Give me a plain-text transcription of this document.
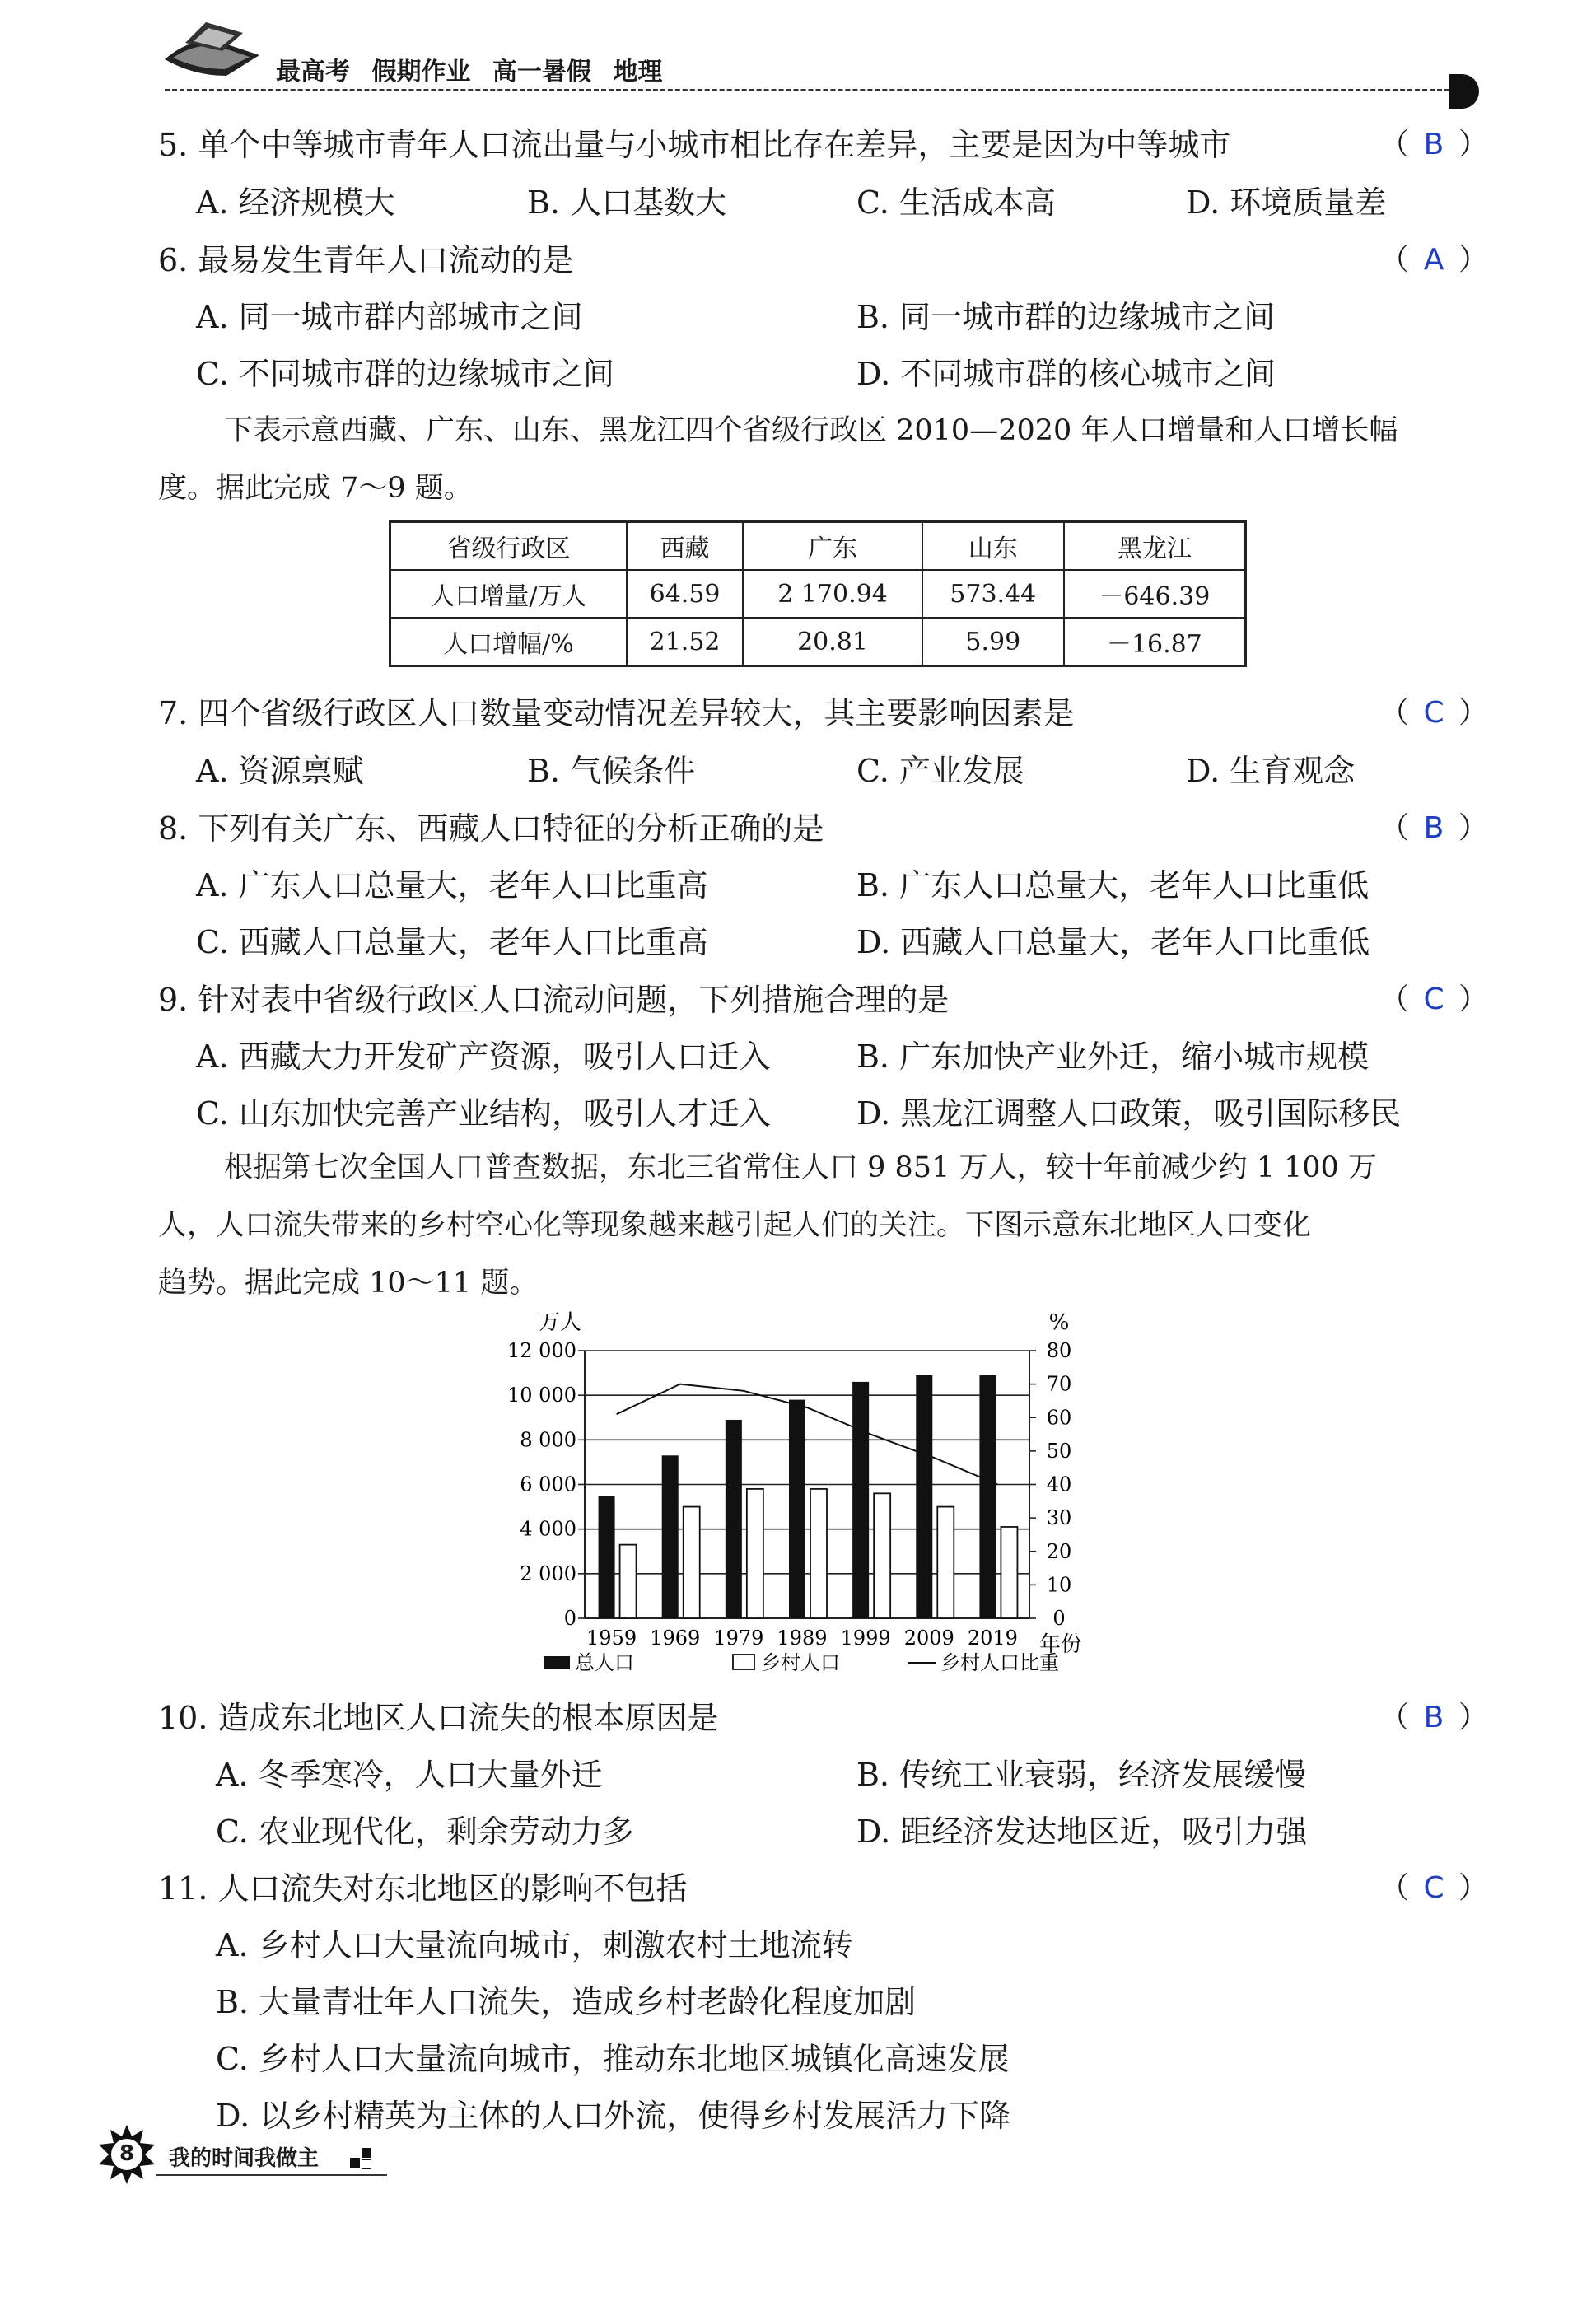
最高考 假期作业 高一暑假 地理
5. 单个中等城市青年人口流出量与小城市相比存在差异，主要是因为中等城市	（ B ）
A. 经济规模大	B. 人口基数大	C. 生活成本高	D. 环境质量差
6. 最易发生青年人口流动的是	（ A ）
A. 同一城市群内部城市之间	B. 同一城市群的边缘城市之间
C. 不同城市群的边缘城市之间	D. 不同城市群的核心城市之间
下表示意西藏、广东、山东、黑龙江四个省级行政区 2010—2020 年人口增量和人口增长幅
度。据此完成 7～9 题。
省级行政区	西藏	广东	山东	黑龙江
人口增量/万人	64.59	2 170.94	573.44	－646.39
人口增幅/%	21.52	20.81	5.99	－16.87
7. 四个省级行政区人口数量变动情况差异较大，其主要影响因素是	（ C ）
A. 资源禀赋	B. 气候条件	C. 产业发展	D. 生育观念
8. 下列有关广东、西藏人口特征的分析正确的是	（ B ）
A. 广东人口总量大，老年人口比重高	B. 广东人口总量大，老年人口比重低
C. 西藏人口总量大，老年人口比重高	D. 西藏人口总量大，老年人口比重低
9. 针对表中省级行政区人口流动问题，下列措施合理的是	（ C ）
A. 西藏大力开发矿产资源，吸引人口迁入	B. 广东加快产业外迁，缩小城市规模
C. 山东加快完善产业结构，吸引人才迁入	D. 黑龙江调整人口政策，吸引国际移民
根据第七次全国人口普查数据，东北三省常住人口 9 851 万人，较十年前减少约 1 100 万
人，人口流失带来的乡村空心化等现象越来越引起人们的关注。下图示意东北地区人口变化
趋势。据此完成 10～11 题。
0
2 000
4 000
6 000
8 000
10 000
12 000
0
10
20
30
40
50
60
70
80
万人	%
1959 1969 1979 1989 1999 2009 2019 年份
总人口	乡村人口	乡村人口比重
10. 造成东北地区人口流失的根本原因是	（ B ）
A. 冬季寒冷，人口大量外迁	B. 传统工业衰弱，经济发展缓慢
C. 农业现代化，剩余劳动力多	D. 距经济发达地区近，吸引力强
11. 人口流失对东北地区的影响不包括	（ C ）
A. 乡村人口大量流向城市，刺激农村土地流转
B. 大量青壮年人口流失，造成乡村老龄化程度加剧
C. 乡村人口大量流向城市，推动东北地区城镇化高速发展
D. 以乡村精英为主体的人口外流，使得乡村发展活力下降
8	我的时间我做主
